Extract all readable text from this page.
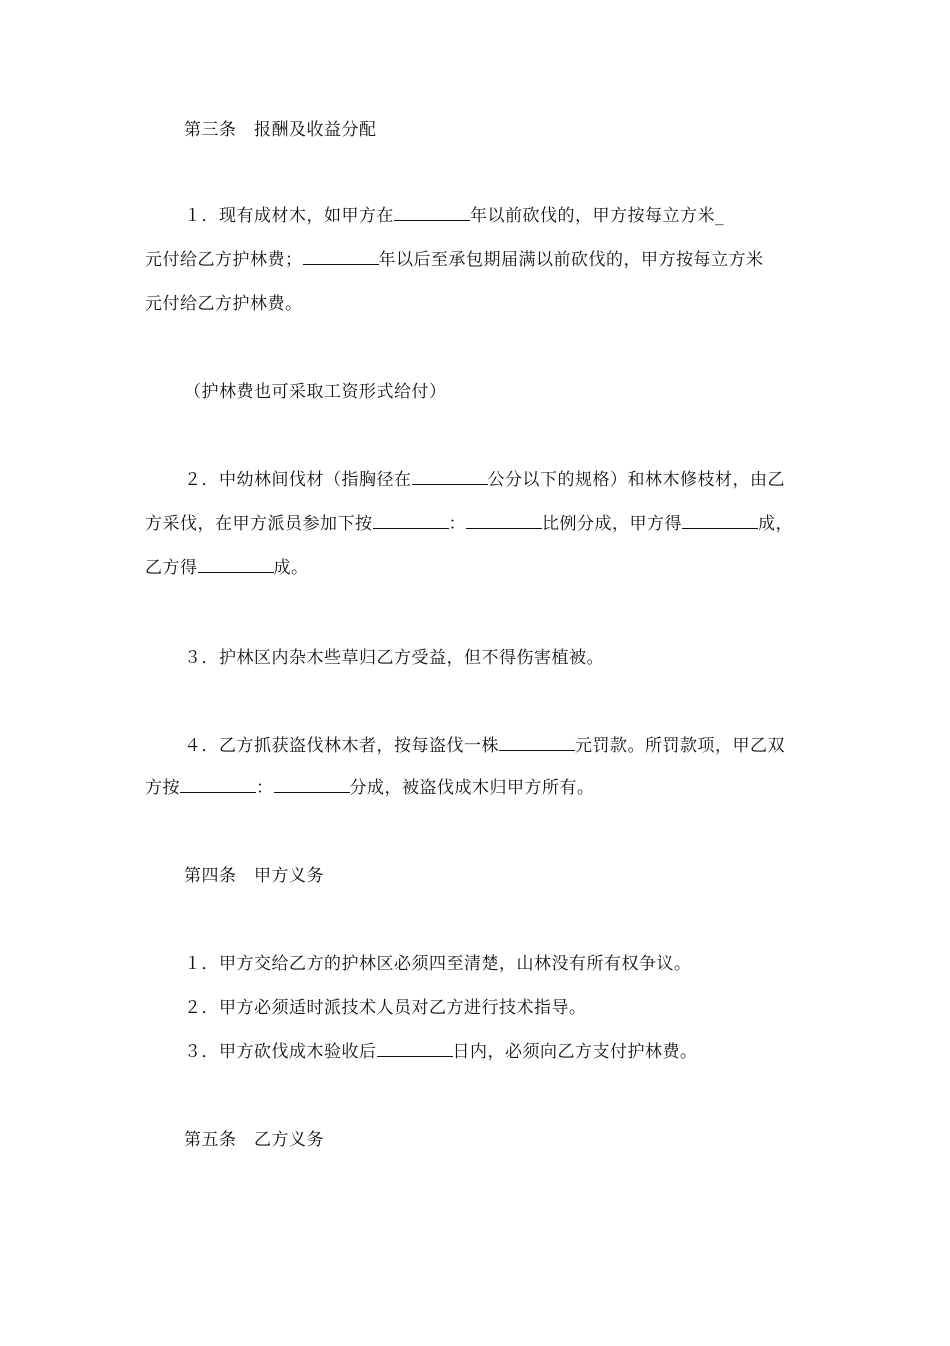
第三条　报酬及收益分配
１．现有成材木，如甲方在	年以前砍伐的，甲方按每立方米_
元付给乙方护林费；	年以后至承包期届满以前砍伐的，甲方按每立方米
元付给乙方护林费。
（护林费也可采取工资形式给付）
２．中幼林间伐材（指胸径在	公分以下的规格）和林木修枝材，由乙
方采伐，在甲方派员参加下按	：	比例分成，甲方得	成，
乙方得	成。
３．护林区内杂木些草归乙方受益，但不得伤害植被。
４．乙方抓获盗伐林木者，按每盗伐一株	元罚款。所罚款项，甲乙双
方按	：	分成，被盗伐成木归甲方所有。
第四条　甲方义务
１．甲方交给乙方的护林区必须四至清楚，山林没有所有权争议。
２．甲方必须适时派技术人员对乙方进行技术指导。
３．甲方砍伐成木验收后	日内，必须向乙方支付护林费。
第五条　乙方义务
